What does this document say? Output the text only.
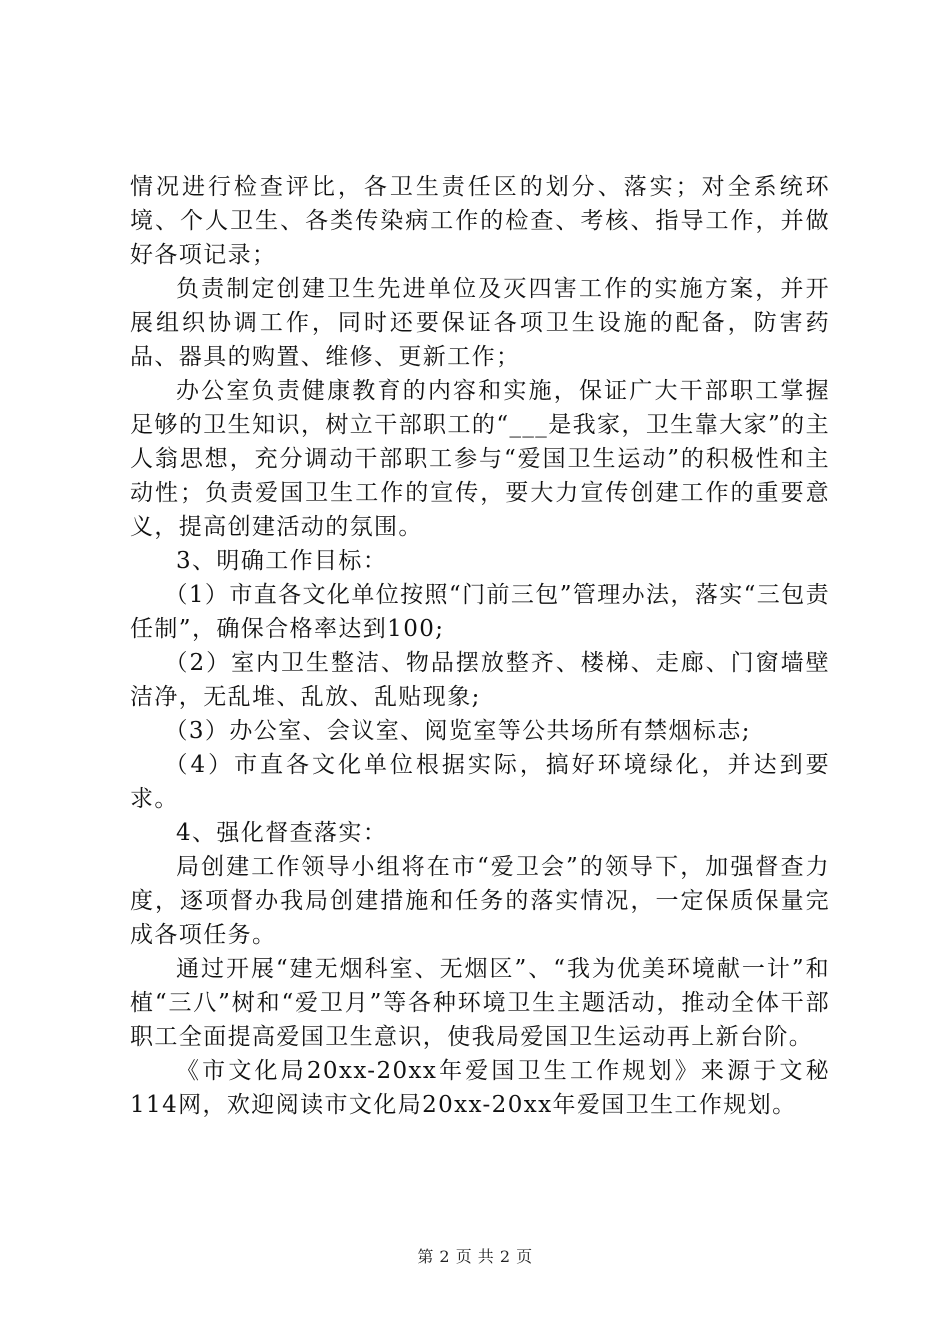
情况进行检查评比，各卫生责任区的划分、落实；对全系统环境、个人卫生、各类传染病工作的检查、考核、指导工作，并做好各项记录；

负责制定创建卫生先进单位及灭四害工作的实施方案，并开展组织协调工作，同时还要保证各项卫生设施的配备，防害药品、器具的购置、维修、更新工作；

办公室负责健康教育的内容和实施，保证广大干部职工掌握足够的卫生知识，树立干部职工的“___是我家，卫生靠大家”的主人翁思想，充分调动干部职工参与“爱国卫生运动”的积极性和主动性；负责爱国卫生工作的宣传，要大力宣传创建工作的重要意义，提高创建活动的氛围。

3、明确工作目标：

（1）市直各文化单位按照“门前三包”管理办法，落实“三包责任制”，确保合格率达到100;

（2）室内卫生整洁、物品摆放整齐、楼梯、走廊、门窗墙壁洁净，无乱堆、乱放、乱贴现象;

（3）办公室、会议室、阅览室等公共场所有禁烟标志;

（4）市直各文化单位根据实际，搞好环境绿化，并达到要求。

4、强化督查落实：

局创建工作领导小组将在市“爱卫会”的领导下，加强督查力度，逐项督办我局创建措施和任务的落实情况，一定保质保量完成各项任务。

通过开展“建无烟科室、无烟区”、“我为优美环境献一计”和植“三八”树和“爱卫月”等各种环境卫生主题活动，推动全体干部职工全面提高爱国卫生意识，使我局爱国卫生运动再上新台阶。

《市文化局20xx-20xx年爱国卫生工作规划》来源于文秘114网，欢迎阅读市文化局20xx-20xx年爱国卫生工作规划。

第 2 页 共 2 页
